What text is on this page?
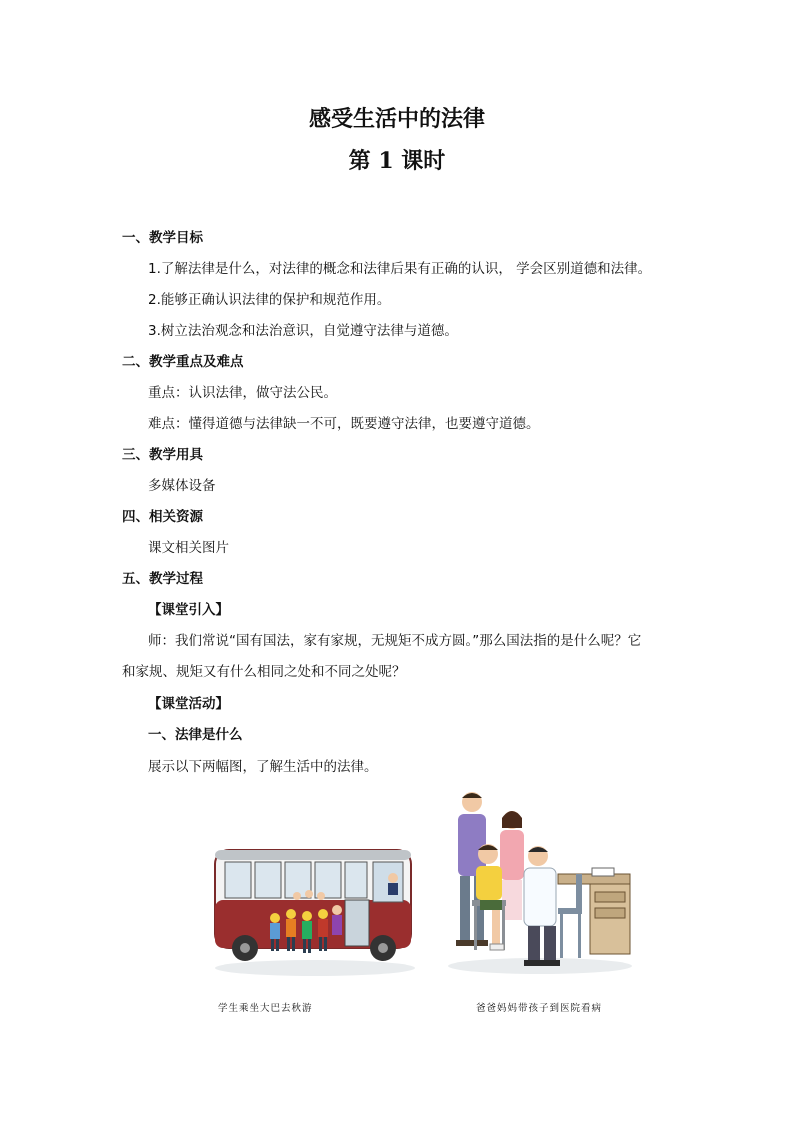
感受生活中的法律
第 1 课时
一、教学目标
1.了解法律是什么，对法律的概念和法律后果有正确的认识， 学会区别道德和法律。
2.能够正确认识法律的保护和规范作用。
3.树立法治观念和法治意识，自觉遵守法律与道德。
二、教学重点及难点
重点：认识法律，做守法公民。
难点：懂得道德与法律缺一不可，既要遵守法律，也要遵守道德。
三、教学用具
多媒体设备
四、相关资源
课文相关图片
五、教学过程
【课堂引入】
师：我们常说“国有国法，家有家规，无规矩不成方圆。”那么国法指的是什么呢？它
和家规、规矩又有什么相同之处和不同之处呢？
【课堂活动】
一、法律是什么
展示以下两幅图，了解生活中的法律。
学生乘坐大巴去秋游	爸爸妈妈带孩子到医院看病
